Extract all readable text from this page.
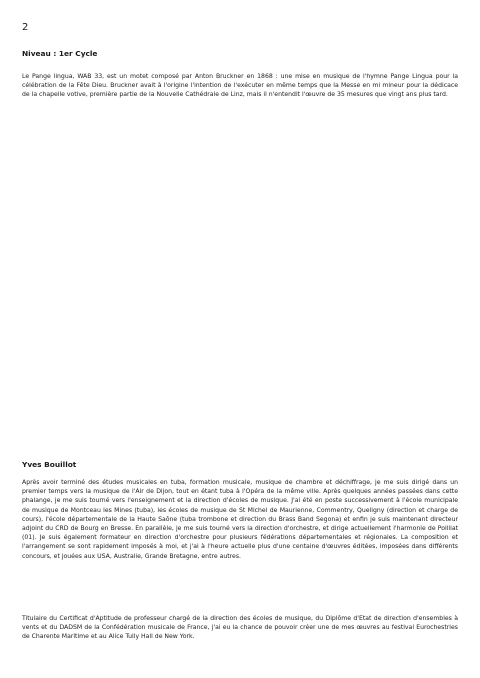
2
Niveau : 1er Cycle

Le Pange lingua, WAB 33, est un motet composé par Anton Bruckner en 1868 : une mise en musique de l'hymne Pange Lingua pour la célébration de la Fête Dieu. Bruckner avait à l'origine l'intention de l'exécuter en même temps que la Messe en mi mineur pour la dédicace de la chapelle votive, première partie de la Nouvelle Cathédrale de Linz, mais il n'entendit l'œuvre de 35 mesures que vingt ans plus tard.

Yves Bouillot

Après avoir terminé des études musicales en tuba, formation musicale, musique de chambre et déchiffrage, je me suis dirigé dans un premier temps vers la musique de l'Air de Dijon, tout en étant tuba à l'Opéra de la même ville. Après quelques années passées dans cette phalange, je me suis tourné vers l'enseignement et la direction d'écoles de musique. J'ai été en poste successivement à l'école municipale de musique de Montceau les Mines (tuba), les écoles de musique de St Michel de Maurienne, Commentry, Queligny (direction et charge de cours), l'école départementale de la Haute Saône (tuba trombone et direction du Brass Band Segona) et enfin je suis maintenant directeur adjoint du CRD de Bourg en Bresse. En parallèle, je me suis tourné vers la direction d'orchestre, et dirige actuellement l'harmonie de Pollliat (01). Je suis également formateur en direction d'orchestre pour plusieurs fédérations départementales et régionales. La composition et l'arrangement se sont rapidement imposés à moi, et j'ai à l'heure actuelle plus d'une centaine d'œuvres éditées, imposées dans différents concours, et jouées aux USA, Australie, Grande Bretagne, entre autres.

Titulaire du Certificat d'Aptitude de professeur chargé de la direction des écoles de musique, du Diplôme d'Etat de direction d'ensembles à vents et du DADSM de la Confédération musicale de France, j'ai eu la chance de pouvoir créer une de mes œuvres au festival Eurochestries de Charente Maritime et au Alice Tully Hall de New York.
